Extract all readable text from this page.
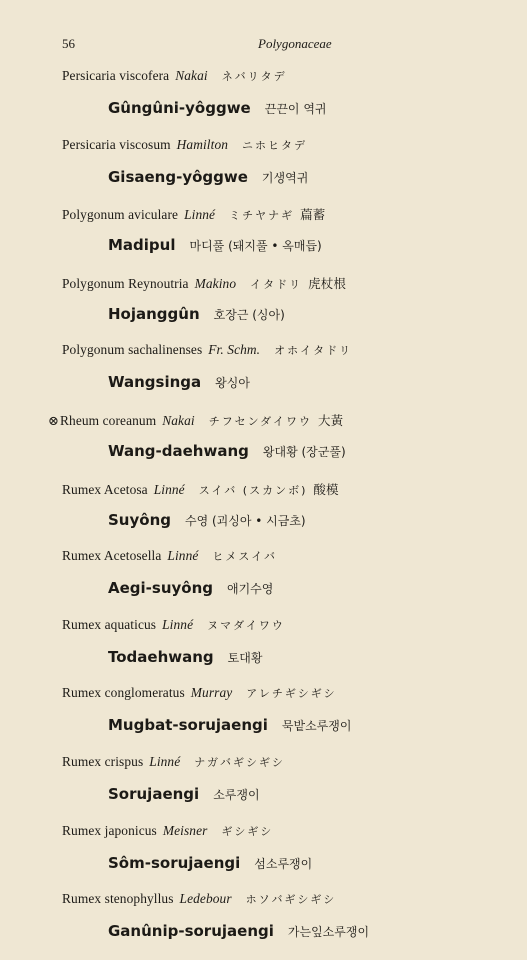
56	Polygonaceae
Persicaria viscofera Nakai ネバリタデ
Gûngûni-yôggwe 끈끈이 역귀
Persicaria viscosum Hamilton ニホヒタデ
Gisaeng-yôggwe 기생역귀
Polygonum aviculare Linné ミチヤナギ 萹蓄
Madipul 마디풀 (돼지풀 • 옥매듭)
Polygonum Reynoutria Makino イタドリ 虎杖根
Hojanggûn 호장근 (싱아)
Polygonum sachalinenses Fr. Schm. オホイタドリ
Wangsinga 왕싱아
⊗Rheum coreanum Nakai チフセンダイワウ 大黃
Wang-daehwang 왕대황 (장군풀)
Rumex Acetosa Linné スイバ (スカンボ) 酸模
Suyông 수영 (괴싱아 • 시금초)
Rumex Acetosella Linné ヒメスイバ
Aegi-suyông 애기수영
Rumex aquaticus Linné ヌマダイワウ
Todaehwang 토대황
Rumex conglomeratus Murray アレチギシギシ
Mugbat-sorujaengi 묵밭소루쟁이
Rumex crispus Linné ナガバギシギシ
Sorujaengi 소루쟁이
Rumex japonicus Meisner ギシギシ
Sôm-sorujaengi 섬소루쟁이
Rumex stenophyllus Ledebour ホソバギシギシ
Ganûnip-sorujaengi 가는잎소루쟁이
